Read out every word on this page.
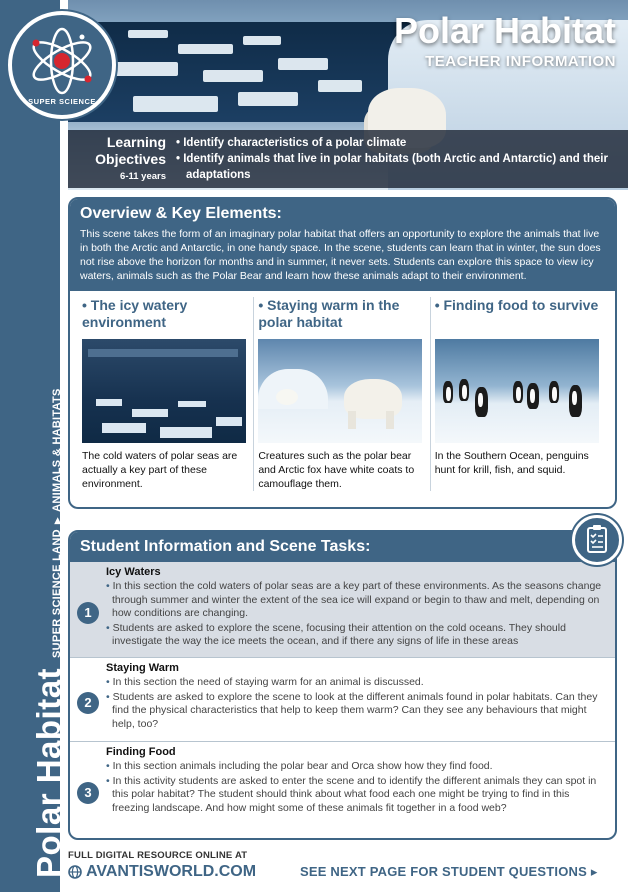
Polar Habitat
SUPER SCIENCE LAND▶ANIMALS & HABITATS
Polar Habitat
TEACHER INFORMATION
SUPER SCIENCE
Learning
Objectives
6-11 years
• Identify characteristics of a polar climate
• Identify animals that live in polar habitats (both Arctic and Antarctic) and their adaptations
Overview & Key Elements:
This scene takes the form of an imaginary polar habitat that offers an opportunity to explore the animals that live in both the Arctic and Antarctic, in one handy space. In the scene, students can learn that in winter, the sun does not rise above the horizon for months and in summer, it never sets. Students can explore this space to view icy waters, animals such as the Polar Bear and learn how these animals adapt to their environment.
• The icy watery environment
The cold waters of polar seas are actually a key part of these environment.
• Staying warm in the polar habitat
Creatures such as the polar bear and Arctic fox have white coats to camouflage them.
• Finding food to survive
In the Southern Ocean, penguins hunt for krill, fish, and squid.
Student Information and Scene Tasks:
1
Icy Waters
• In this section the cold waters of polar seas are a key part of these environments. As the seasons change through summer and winter the extent of the sea ice will expand or begin to thaw and melt, depending on how conditions are changing.
• Students are asked to explore the scene, focusing their attention on the cold oceans. They should investigate the way the ice meets the ocean, and if there any signs of life in these areas
2
Staying Warm
• In this section the need of staying warm for an animal is discussed.
• Students are asked to explore the scene to look at the different animals found in polar habitats. Can they find the physical characteristics that help to keep them warm? Can they see any behaviours that might help, too?
3
Finding Food
• In this section animals including the polar bear and Orca show how they find food.
• In this activity students are asked to enter the scene and to identify the different animals they can spot in this polar habitat? The student should think about what food each one might be trying to find in this freezing landscape. And how might some of these animals fit together in a food web?
FULL DIGITAL RESOURCE ONLINE AT
AVANTISWORLD.COM	SEE NEXT PAGE FOR STUDENT QUESTIONS ▸
